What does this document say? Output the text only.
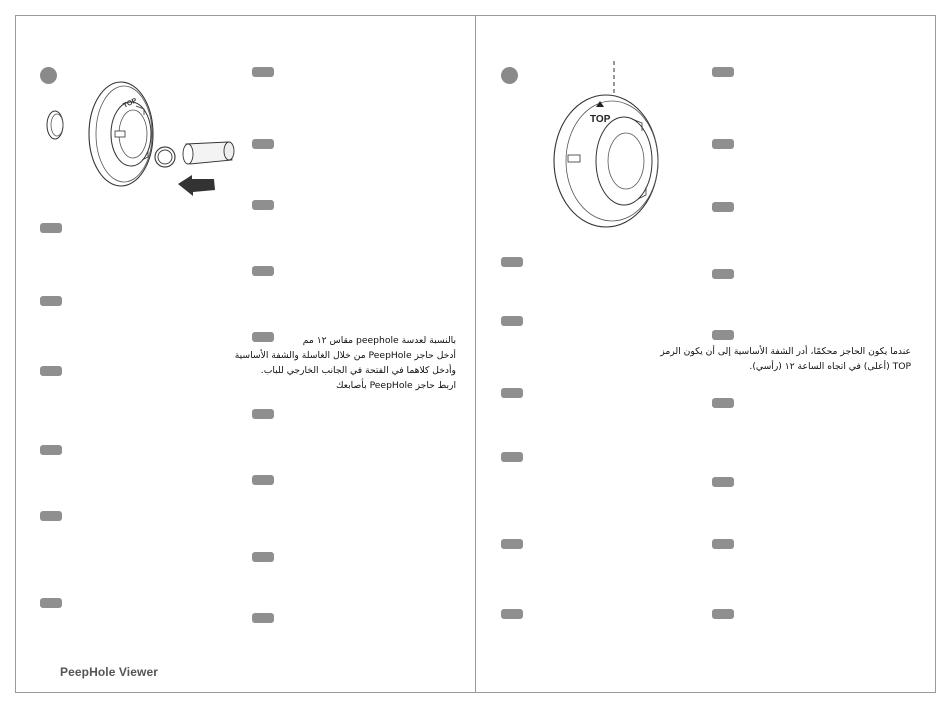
TOP
بالنسبة لعدسة peephole مقاس ١٢ مم
أدخل حاجز PeepHole من خلال الغاسلة والشفة الأساسية
وأدخل كلاهما في الفتحة في الجانب الخارجي للباب.
اربط حاجز PeepHole بأصابعك
PeepHole Viewer
TOP
عندما يكون الحاجز محكمًا، أدر الشفة الأساسية إلى أن يكون الرمز
TOP (أعلى) في اتجاه الساعة ١٢ (رأسي).
